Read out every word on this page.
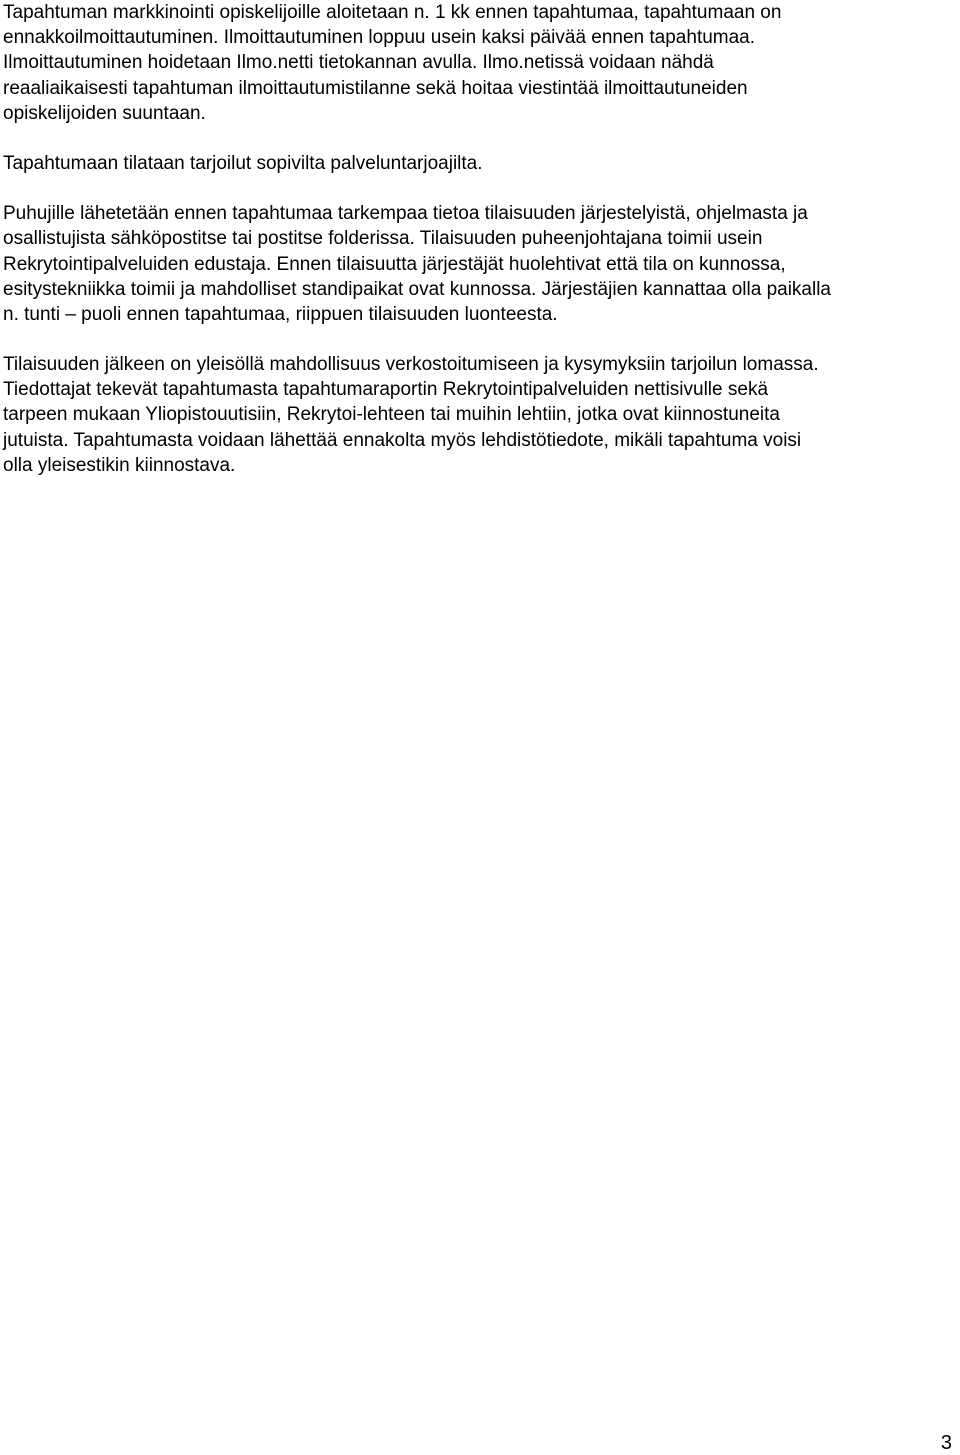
Tapahtuman markkinointi opiskelijoille aloitetaan n. 1 kk ennen tapahtumaa, tapahtumaan on
ennakkoilmoittautuminen. Ilmoittautuminen loppuu usein kaksi päivää ennen tapahtumaa.
Ilmoittautuminen hoidetaan Ilmo.netti tietokannan avulla. Ilmo.netissä voidaan nähdä
reaaliaikaisesti tapahtuman ilmoittautumistilanne sekä hoitaa viestintää ilmoittautuneiden
opiskelijoiden suuntaan.

Tapahtumaan tilataan tarjoilut sopivilta palveluntarjoajilta.

Puhujille lähetetään ennen tapahtumaa tarkempaa tietoa tilaisuuden järjestelyistä, ohjelmasta ja
osallistujista sähköpostitse tai postitse folderissa. Tilaisuuden puheenjohtajana toimii usein
Rekrytointipalveluiden edustaja. Ennen tilaisuutta järjestäjät huolehtivat että tila on kunnossa,
esitystekniikka toimii ja mahdolliset standipaikat ovat kunnossa. Järjestäjien kannattaa olla paikalla
n. tunti – puoli ennen tapahtumaa, riippuen tilaisuuden luonteesta.

Tilaisuuden jälkeen on yleisöllä mahdollisuus verkostoitumiseen ja kysymyksiin tarjoilun lomassa.
Tiedottajat tekevät tapahtumasta tapahtumaraportin Rekrytointipalveluiden nettisivulle sekä
tarpeen mukaan Yliopistouutisiin, Rekrytoi-lehteen tai muihin lehtiin, jotka ovat kiinnostuneita
jutuista. Tapahtumasta voidaan lähettää ennakolta myös lehdistötiedote, mikäli tapahtuma voisi
olla yleisestikin kiinnostava.

3
